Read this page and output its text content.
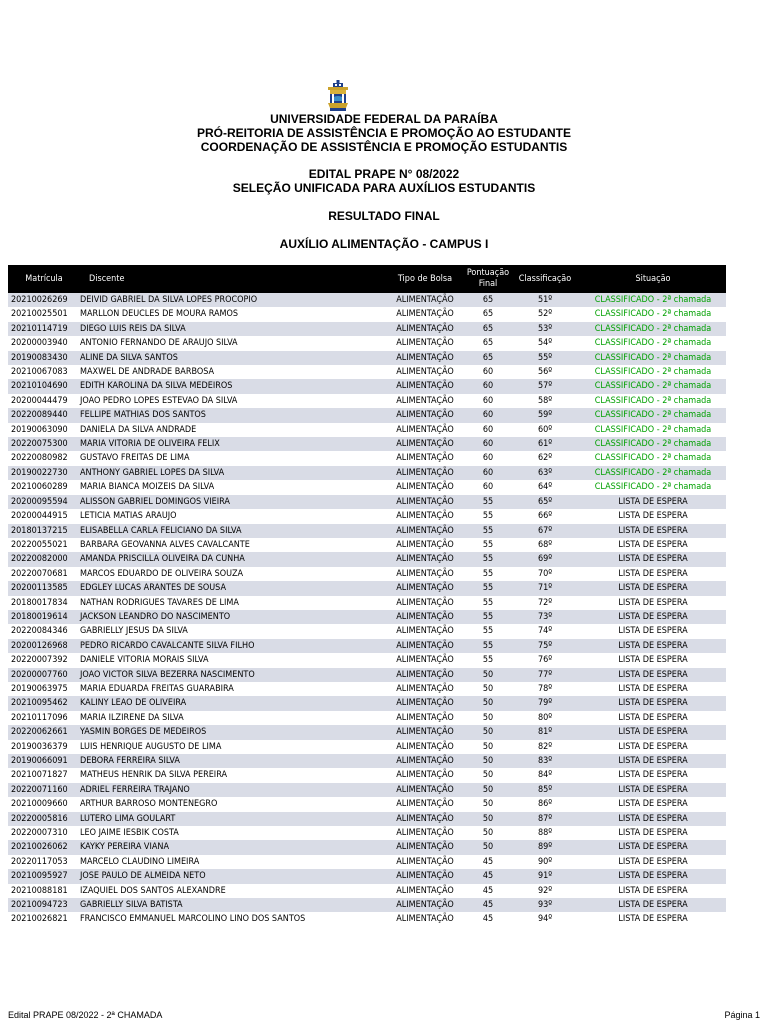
UNIVERSIDADE FEDERAL DA PARAÍBA
PRÓ-REITORIA DE ASSISTÊNCIA E PROMOÇÃO AO ESTUDANTE
COORDENAÇÃO DE ASSISTÊNCIA E PROMOÇÃO ESTUDANTIS
EDITAL PRAPE N° 08/2022
SELEÇÃO UNIFICADA PARA AUXÍLIOS ESTUDANTIS
RESULTADO FINAL
AUXÍLIO ALIMENTAÇÃO - CAMPUS I
Matrícula	Discente	Tipo de Bolsa	Pontuação
Final	Classificação	Situação
20210026269	DEIVID GABRIEL DA SILVA LOPES PROCOPIO	ALIMENTAÇÃO	65	51º	CLASSIFICADO - 2ª chamada
20210025501	MARLLON DEUCLES DE MOURA RAMOS	ALIMENTAÇÃO	65	52º	CLASSIFICADO - 2ª chamada
20210114719	DIEGO LUIS REIS DA SILVA	ALIMENTAÇÃO	65	53º	CLASSIFICADO - 2ª chamada
20200003940	ANTONIO FERNANDO DE ARAUJO SILVA	ALIMENTAÇÃO	65	54º	CLASSIFICADO - 2ª chamada
20190083430	ALINE DA SILVA SANTOS	ALIMENTAÇÃO	65	55º	CLASSIFICADO - 2ª chamada
20210067083	MAXWEL DE ANDRADE BARBOSA	ALIMENTAÇÃO	60	56º	CLASSIFICADO - 2ª chamada
20210104690	EDITH KAROLINA DA SILVA MEDEIROS	ALIMENTAÇÃO	60	57º	CLASSIFICADO - 2ª chamada
20200044479	JOAO PEDRO LOPES ESTEVAO DA SILVA	ALIMENTAÇÃO	60	58º	CLASSIFICADO - 2ª chamada
20220089440	FELLIPE MATHIAS DOS SANTOS	ALIMENTAÇÃO	60	59º	CLASSIFICADO - 2ª chamada
20190063090	DANIELA DA SILVA ANDRADE	ALIMENTAÇÃO	60	60º	CLASSIFICADO - 2ª chamada
20220075300	MARIA VITORIA DE OLIVEIRA FELIX	ALIMENTAÇÃO	60	61º	CLASSIFICADO - 2ª chamada
20220080982	GUSTAVO FREITAS DE LIMA	ALIMENTAÇÃO	60	62º	CLASSIFICADO - 2ª chamada
20190022730	ANTHONY GABRIEL LOPES DA SILVA	ALIMENTAÇÃO	60	63º	CLASSIFICADO - 2ª chamada
20210060289	MARIA BIANCA MOIZEIS DA SILVA	ALIMENTAÇÃO	60	64º	CLASSIFICADO - 2ª chamada
20200095594	ALISSON GABRIEL DOMINGOS VIEIRA	ALIMENTAÇÃO	55	65º	LISTA DE ESPERA
20200044915	LETICIA MATIAS ARAUJO	ALIMENTAÇÃO	55	66º	LISTA DE ESPERA
20180137215	ELISABELLA CARLA FELICIANO DA SILVA	ALIMENTAÇÃO	55	67º	LISTA DE ESPERA
20220055021	BARBARA GEOVANNA ALVES CAVALCANTE	ALIMENTAÇÃO	55	68º	LISTA DE ESPERA
20220082000	AMANDA PRISCILLA OLIVEIRA DA CUNHA	ALIMENTAÇÃO	55	69º	LISTA DE ESPERA
20220070681	MARCOS EDUARDO DE OLIVEIRA SOUZA	ALIMENTAÇÃO	55	70º	LISTA DE ESPERA
20200113585	EDGLEY LUCAS ARANTES DE SOUSA	ALIMENTAÇÃO	55	71º	LISTA DE ESPERA
20180017834	NATHAN RODRIGUES TAVARES DE LIMA	ALIMENTAÇÃO	55	72º	LISTA DE ESPERA
20180019614	JACKSON LEANDRO DO NASCIMENTO	ALIMENTAÇÃO	55	73º	LISTA DE ESPERA
20220084346	GABRIELLY JESUS DA SILVA	ALIMENTAÇÃO	55	74º	LISTA DE ESPERA
20200126968	PEDRO RICARDO CAVALCANTE SILVA FILHO	ALIMENTAÇÃO	55	75º	LISTA DE ESPERA
20220007392	DANIELE VITORIA MORAIS SILVA	ALIMENTAÇÃO	55	76º	LISTA DE ESPERA
20200007760	JOAO VICTOR SILVA BEZERRA NASCIMENTO	ALIMENTAÇÃO	50	77º	LISTA DE ESPERA
20190063975	MARIA EDUARDA FREITAS GUARABIRA	ALIMENTAÇÃO	50	78º	LISTA DE ESPERA
20210095462	KALINY LEAO DE OLIVEIRA	ALIMENTAÇÃO	50	79º	LISTA DE ESPERA
20210117096	MARIA ILZIRENE DA SILVA	ALIMENTAÇÃO	50	80º	LISTA DE ESPERA
20220062661	YASMIN BORGES DE MEDEIROS	ALIMENTAÇÃO	50	81º	LISTA DE ESPERA
20190036379	LUIS HENRIQUE AUGUSTO DE LIMA	ALIMENTAÇÃO	50	82º	LISTA DE ESPERA
20190066091	DEBORA FERREIRA SILVA	ALIMENTAÇÃO	50	83º	LISTA DE ESPERA
20210071827	MATHEUS HENRIK DA SILVA PEREIRA	ALIMENTAÇÃO	50	84º	LISTA DE ESPERA
20220071160	ADRIEL FERREIRA TRAJANO	ALIMENTAÇÃO	50	85º	LISTA DE ESPERA
20210009660	ARTHUR BARROSO MONTENEGRO	ALIMENTAÇÃO	50	86º	LISTA DE ESPERA
20220005816	LUTERO LIMA GOULART	ALIMENTAÇÃO	50	87º	LISTA DE ESPERA
20220007310	LEO JAIME IESBIK COSTA	ALIMENTAÇÃO	50	88º	LISTA DE ESPERA
20210026062	KAYKY PEREIRA VIANA	ALIMENTAÇÃO	50	89º	LISTA DE ESPERA
20220117053	MARCELO CLAUDINO LIMEIRA	ALIMENTAÇÃO	45	90º	LISTA DE ESPERA
20210095927	JOSE PAULO DE ALMEIDA NETO	ALIMENTAÇÃO	45	91º	LISTA DE ESPERA
20210088181	IZAQUIEL DOS SANTOS ALEXANDRE	ALIMENTAÇÃO	45	92º	LISTA DE ESPERA
20210094723	GABRIELLY SILVA BATISTA	ALIMENTAÇÃO	45	93º	LISTA DE ESPERA
20210026821	FRANCISCO EMMANUEL MARCOLINO LINO DOS SANTOS	ALIMENTAÇÃO	45	94º	LISTA DE ESPERA
Edital PRAPE 08/2022 - 2ª CHAMADA	Página 1
